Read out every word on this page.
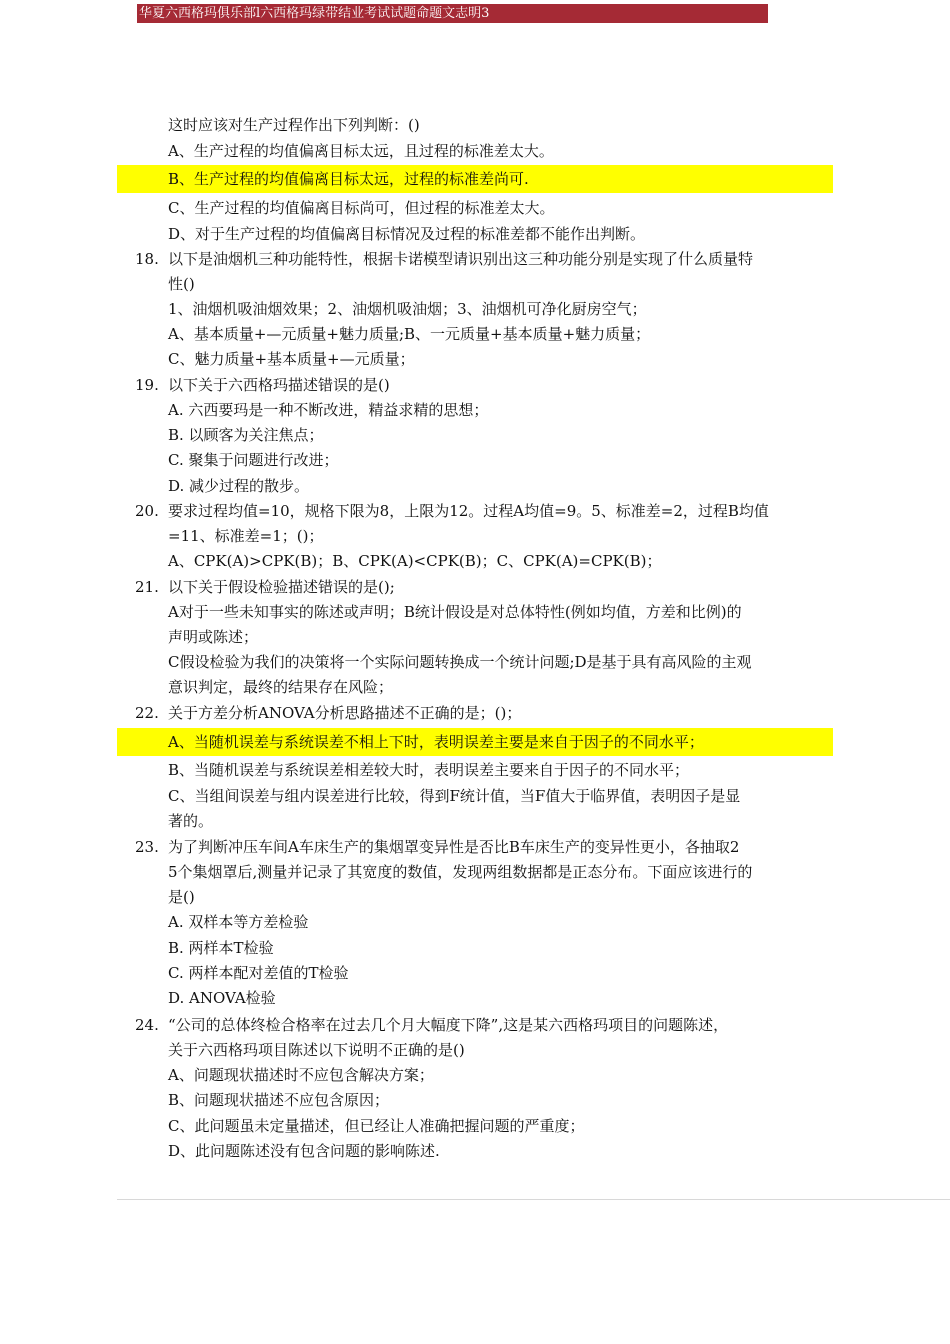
华夏六西格玛俱乐部l六西格玛绿带结业考试试题命题文志明3
18.
19.
20.
21.
22.
23.
24.
这时应该对生产过程作出下列判断：()
A、生产过程的均值偏离目标太远，且过程的标准差太大。
B、生产过程的均值偏离目标太远，过程的标准差尚可.
C、生产过程的均值偏离目标尚可，但过程的标准差太大。
D、对于生产过程的均值偏离目标情况及过程的标准差都不能作出判断。
以下是油烟机三种功能特性，根据卡诺模型请识别出这三种功能分别是实现了什么质量特
性()
1、油烟机吸油烟效果；2、油烟机吸油烟；3、油烟机可净化厨房空气；
A、基本质量+—元质量+魅力质量;B、一元质量+基本质量+魅力质量；
C、魅力质量+基本质量+—元质量；
以下关于六西格玛描述错误的是()
A. 六西要玛是一种不断改进，精益求精的思想；
B. 以顾客为关注焦点；
C. 聚集于问题进行改进；
D. 减少过程的散步。
要求过程均值=10，规格下限为8，上限为12。过程A均值=9。5、标准差=2，过程B均值
=11、标准差=1；()；
A、CPK(A)>CPK(B)；B、CPK(A)<CPK(B)；C、CPK(A)=CPK(B)；
以下关于假设检验描述错误的是();
A对于一些未知事实的陈述或声明；B统计假设是对总体特性(例如均值，方差和比例)的
声明或陈述；
C假设检验为我们的决策将一个实际问题转换成一个统计问题;D是基于具有高风险的主观
意识判定，最终的结果存在风险；
关于方差分析ANOVA分析思路描述不正确的是；()；
A、当随机误差与系统误差不相上下时，表明误差主要是来自于因子的不同水平；
B、当随机误差与系统误差相差较大时，表明误差主要来自于因子的不同水平；
C、当组间误差与组内误差进行比较，得到F统计值，当F值大于临界值，表明因子是显
著的。
为了判断冲压车间A车床生产的集烟罩变异性是否比B车床生产的变异性更小，各抽取2
5个集烟罩后,测量并记录了其宽度的数值，发现两组数据都是正态分布。下面应该进行的
是()
A. 双样本等方差检验
B. 两样本T检验
C. 两样本配对差值的T检验
D. ANOVA检验
“公司的总体终检合格率在过去几个月大幅度下降”,这是某六西格玛项目的问题陈述，
关于六西格玛项目陈述以下说明不正确的是()
A、问题现状描述时不应包含解决方案；
B、问题现状描述不应包含原因；
C、此问题虽未定量描述，但已经让人准确把握问题的严重度；
D、此问题陈述没有包含问题的影响陈述.
